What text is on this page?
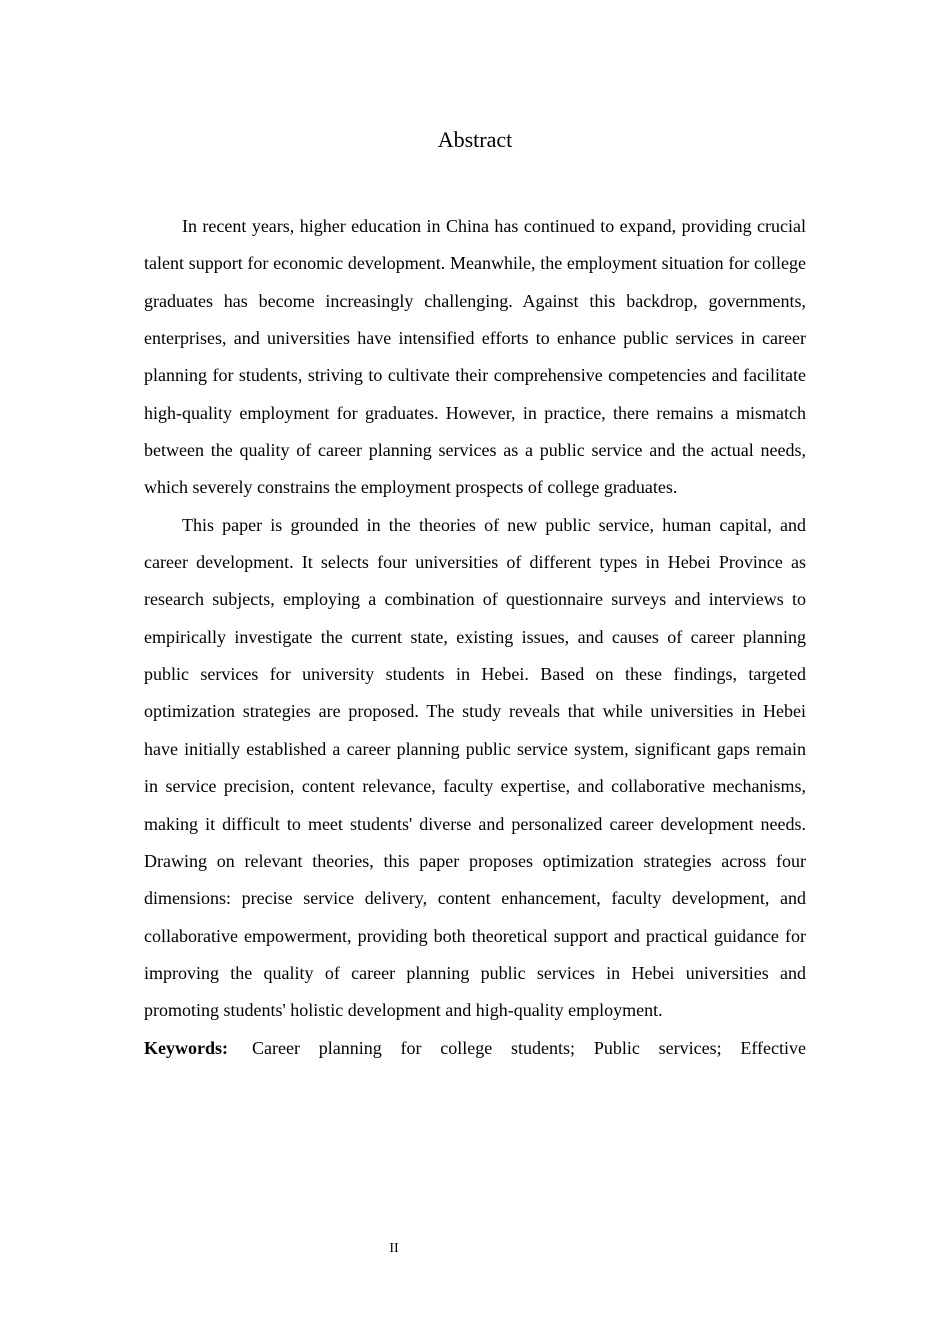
Abstract

In recent years, higher education in China has continued to expand, providing crucial talent support for economic development. Meanwhile, the employment situation for college graduates has become increasingly challenging. Against this backdrop, governments, enterprises, and universities have intensified efforts to enhance public services in career planning for students, striving to cultivate their comprehensive competencies and facilitate high-quality employment for graduates. However, in practice, there remains a mismatch between the quality of career planning services as a public service and the actual needs, which severely constrains the employment prospects of college graduates.

This paper is grounded in the theories of new public service, human capital, and career development. It selects four universities of different types in Hebei Province as research subjects, employing a combination of questionnaire surveys and interviews to empirically investigate the current state, existing issues, and causes of career planning public services for university students in Hebei. Based on these findings, targeted optimization strategies are proposed. The study reveals that while universities in Hebei have initially established a career planning public service system, significant gaps remain in service precision, content relevance, faculty expertise, and collaborative mechanisms, making it difficult to meet students' diverse and personalized career development needs. Drawing on relevant theories, this paper proposes optimization strategies across four dimensions: precise service delivery, content enhancement, faculty development, and collaborative empowerment, providing both theoretical support and practical guidance for improving the quality of career planning public services in Hebei universities and promoting students' holistic development and high-quality employment.

Keywords: Career planning for college students; Public services; Effective

II
